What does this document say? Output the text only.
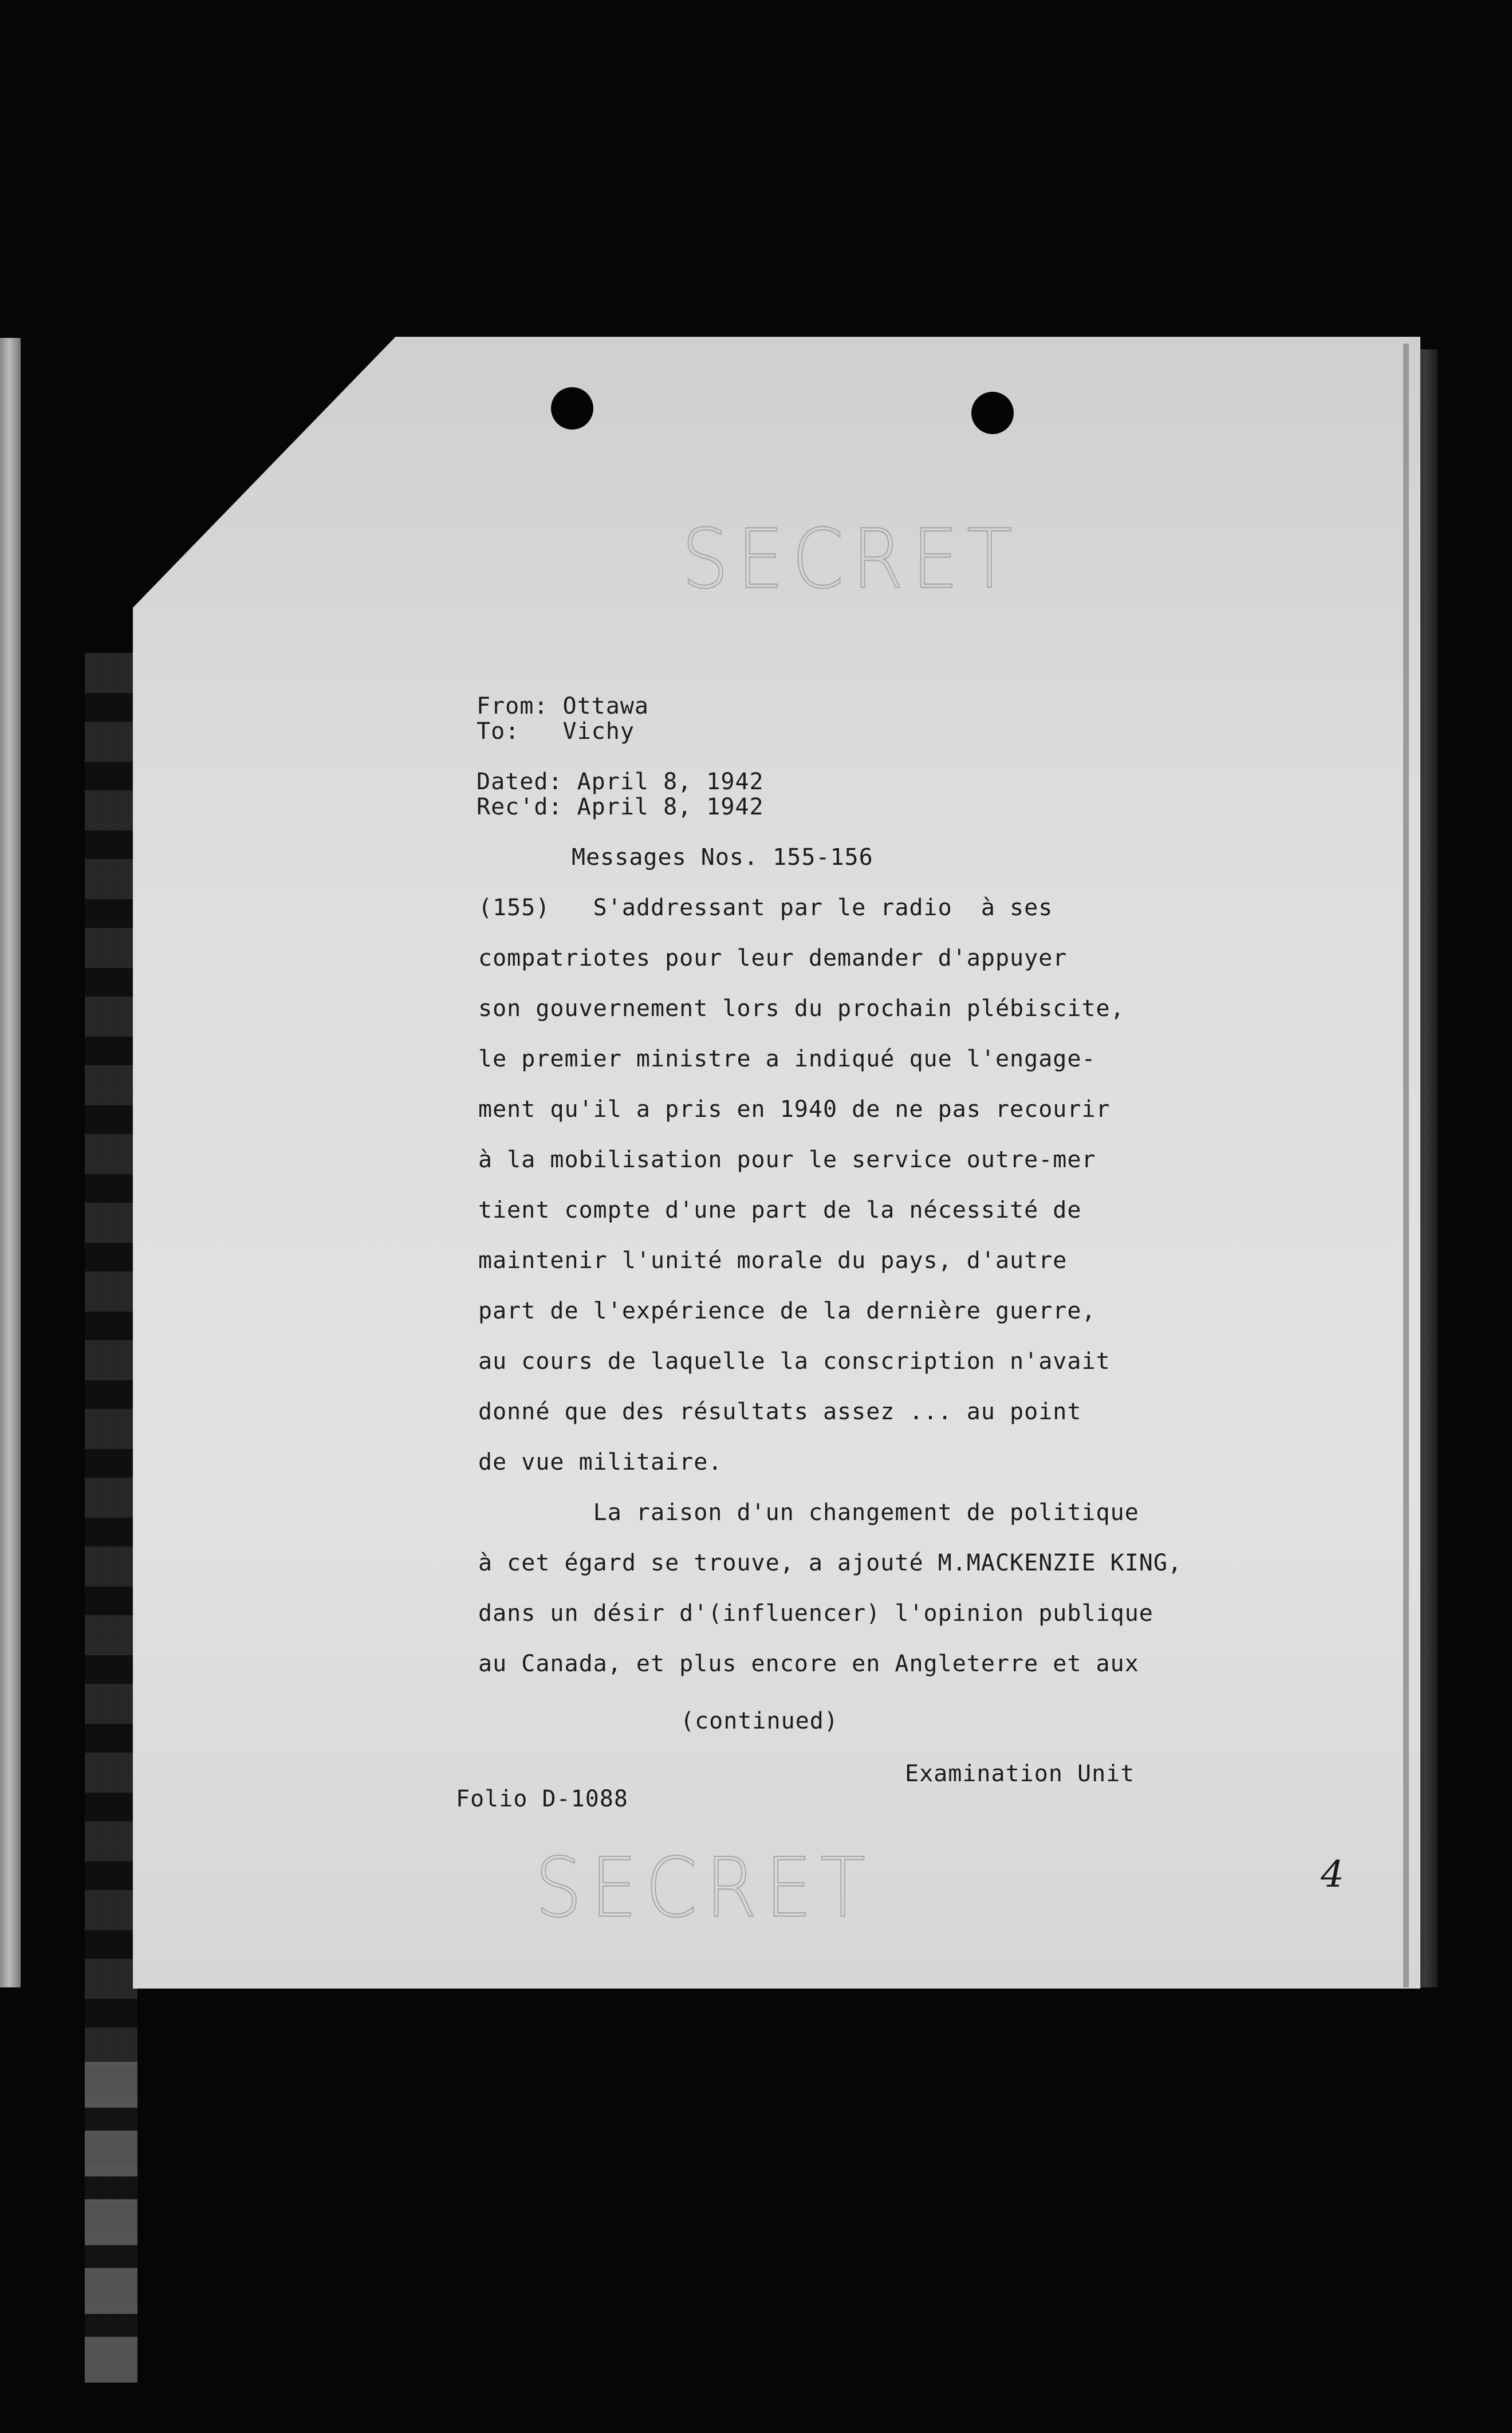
SECRET
From: Ottawa
To:   Vichy
Dated: April 8, 1942
Rec'd: April 8, 1942
Messages Nos. 155-156
(155)   S'addressant par le radio  à ses
compatriotes pour leur demander d'appuyer
son gouvernement lors du prochain plébiscite,
le premier ministre a indiqué que l'engage-
ment qu'il a pris en 1940 de ne pas recourir
à la mobilisation pour le service outre-mer
tient compte d'une part de la nécessité de
maintenir l'unité morale du pays, d'autre
part de l'expérience de la dernière guerre,
au cours de laquelle la conscription n'avait
donné que des résultats assez ... au point
de vue militaire.
La raison d'un changement de politique
à cet égard se trouve, a ajouté M.MACKENZIE KING,
dans un désir d'(influencer) l'opinion publique
au Canada, et plus encore en Angleterre et aux
(continued)
Examination Unit
Folio D-1088
SECRET	4
